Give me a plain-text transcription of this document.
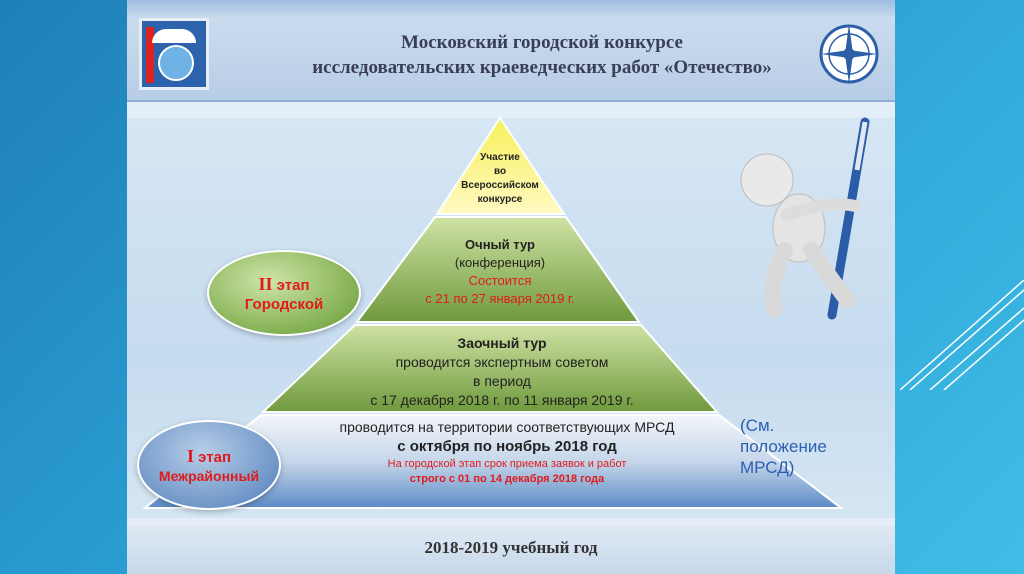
Московский городской конкурсе
исследовательских краеведческих работ «Отечество»
Участие
во
Всероссийском
конкурсе
Очный тур
(конференция)
Состоится
с 21 по 27 января 2019 г.
Заочный тур
проводится экспертным советом
в период
с 17 декабря 2018 г. по 11 января 2019 г.
проводится на территории соответствующих МРСД
с октября по ноябрь 2018 год
На городской этап срок приема заявок и работ
строго с 01 по 14 декабря 2018 года
II этап
Городской
I этап
Межрайонный
2018-2019 учебный год
(См.
положение
МРСД)
